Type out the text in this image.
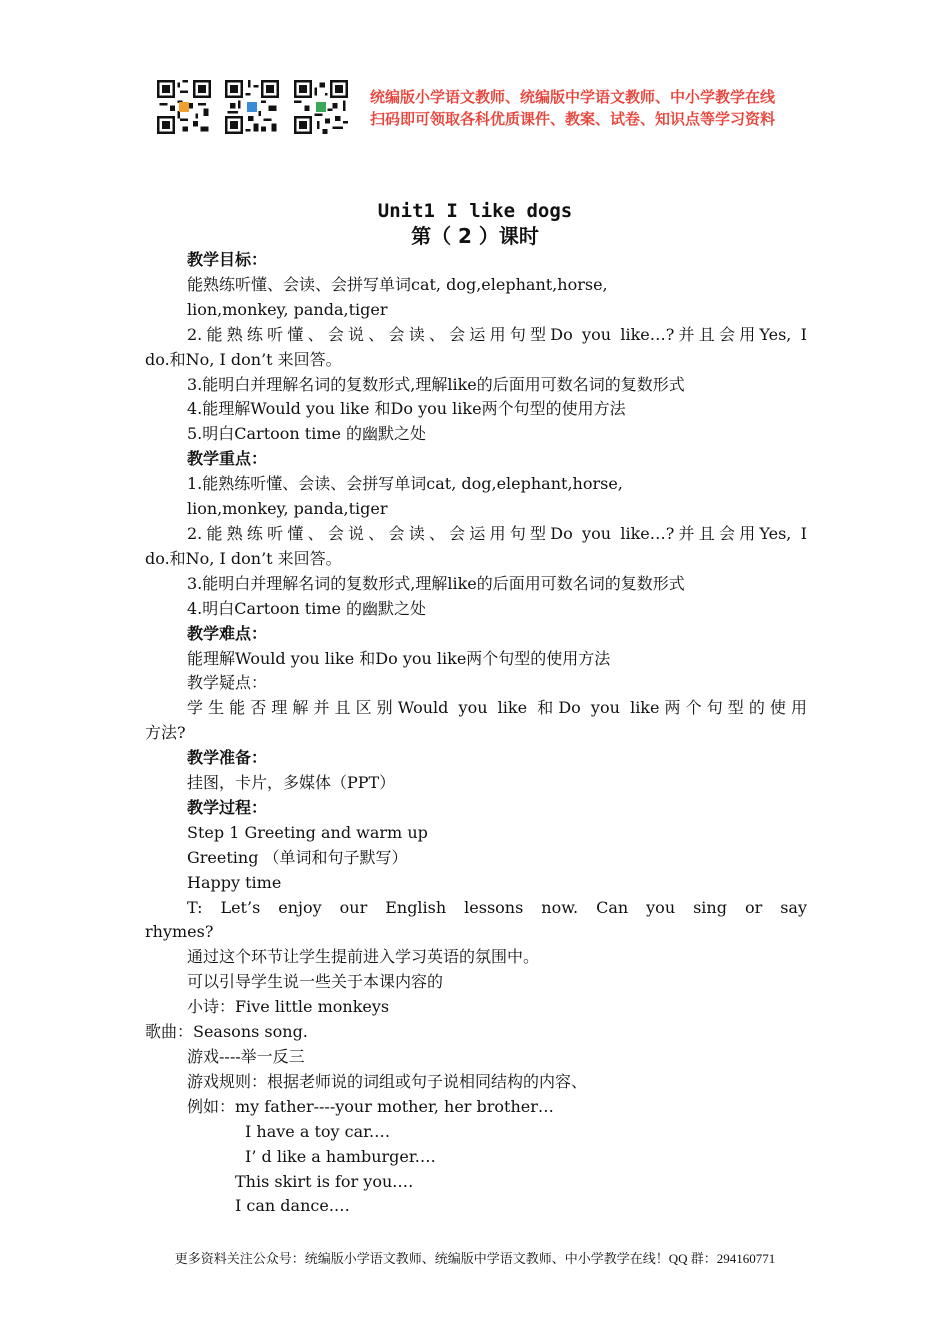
统编版小学语文教师、统编版中学语文教师、中小学教学在线
扫码即可领取各科优质课件、教案、试卷、知识点等学习资料
Unit1 I like dogs
第（ 2 ）课时
教学目标：
能熟练听懂、会读、会拼写单词cat, dog,elephant,horse,
lion,monkey, panda,tiger
2.能熟练听懂、会说、会读、会运用句型Do you like…?并且会用Yes, I
do.和No, I don’t 来回答。
3.能明白并理解名词的复数形式,理解like的后面用可数名词的复数形式
4.能理解Would you like 和Do you like两个句型的使用方法
5.明白Cartoon time 的幽默之处
教学重点：
1.能熟练听懂、会读、会拼写单词cat, dog,elephant,horse,
lion,monkey, panda,tiger
2.能熟练听懂、会说、会读、会运用句型Do you like…?并且会用Yes, I
do.和No, I don’t 来回答。
3.能明白并理解名词的复数形式,理解like的后面用可数名词的复数形式
4.明白Cartoon time 的幽默之处
教学难点：
能理解Would you like 和Do you like两个句型的使用方法
教学疑点：
学生能否理解并且区别Would you like 和Do you like两个句型的使用
方法?
教学准备：
挂图，卡片，多媒体（PPT）
教学过程：
Step 1 Greeting and warm up
Greeting （单词和句子默写）
Happy time
T: Let’s enjoy our English lessons now. Can you sing or say
rhymes?
通过这个环节让学生提前进入学习英语的氛围中。
可以引导学生说一些关于本课内容的
小诗：Five little monkeys
歌曲：Seasons song.
游戏----举一反三
游戏规则：根据老师说的词组或句子说相同结构的内容、
例如：my father----your mother, her brother…
I have a toy car.…
I’ d like a hamburger.…
This skirt is for you.…
I can dance.…
更多资料关注公众号：统编版小学语文教师、统编版中学语文教师、中小学教学在线！QQ 群：294160771
